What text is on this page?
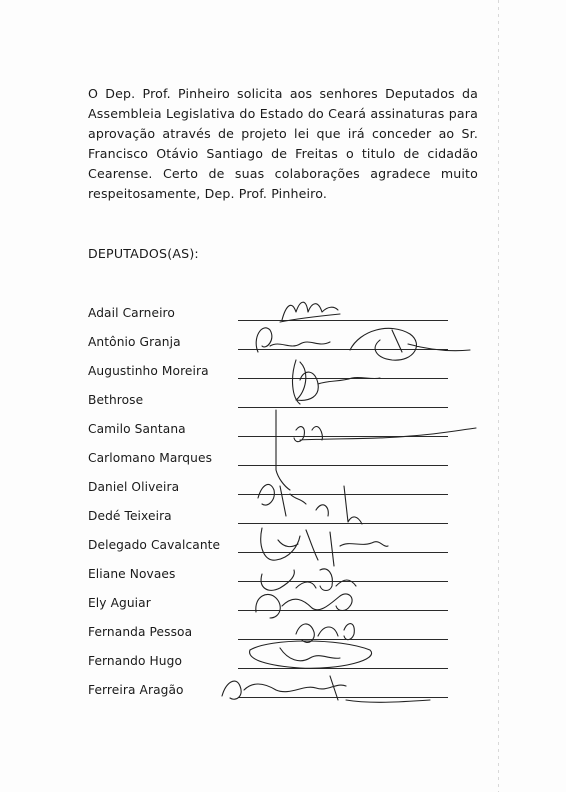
O Dep. Prof. Pinheiro solicita aos senhores Deputados da Assembleia Legislativa do Estado do Ceará assinaturas para aprovação através de projeto lei que irá conceder ao Sr. Francisco Otávio Santiago de Freitas o titulo de cidadão Cearense. Certo de suas colaborações agradece muito respeitosamente, Dep. Prof. Pinheiro.

DEPUTADOS(AS):
Adail Carneiro
Antônio Granja
Augustinho Moreira
Bethrose
Camilo Santana
Carlomano Marques
Daniel Oliveira
Dedé Teixeira
Delegado Cavalcante
Eliane Novaes
Ely Aguiar
Fernanda Pessoa
Fernando Hugo
Ferreira Aragão
